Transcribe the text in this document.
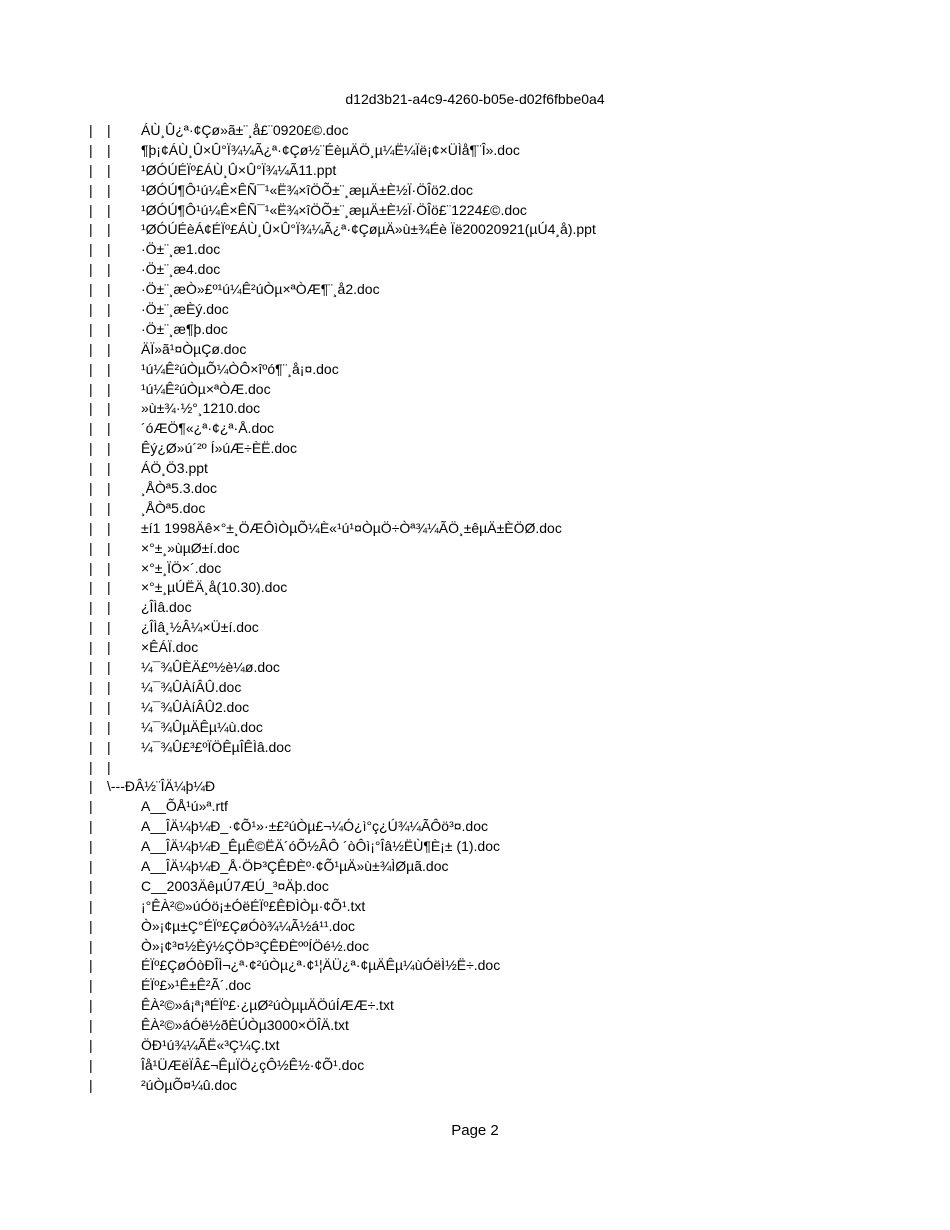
d12d3b21-a4c9-4260-b05e-d02f6fbbe0a4
| | ÁÙ¸Û¿ª·¢Çø»ã±¨¸å£¨0920£©.doc
| | ¶þ¡¢ÁÙ¸Û×Û°Ï¾¼Ã¿ª·¢Çø½¨ÉèµÄÖ¸µ¼Ë¼Ïë¡¢×ÜÌå¶¨Î».doc
| | ¹ØÓÚÉÏº£ÁÙ¸Û×Û°Ï¾¼Ã11.ppt
| | ¹ØÓÚ¶Ô¹ú¼Ê×ÊÑ¯¹«Ë¾×îÖÕ±¨¸æµÄ±È½Ï·ÖÎö2.doc
| | ¹ØÓÚ¶Ô¹ú¼Ê×ÊÑ¯¹«Ë¾×îÖÕ±¨¸æµÄ±È½Ï·ÖÎö£¨1224£©.doc
| | ¹ØÓÚÉèÁ¢ÉÏº£ÁÙ¸Û×Û°Ï¾¼Ã¿ª·¢ÇøµÄ»ù±¾Éè Ïë20020921(µÚ4¸å).ppt
| | ·Ö±¨¸æ1.doc
| | ·Ö±¨¸æ4.doc
| | ·Ö±¨¸æÒ»£º¹ú¼Ê²úÒµ×ªÒÆ¶¨¸å2.doc
| | ·Ö±¨¸æÈý.doc
| | ·Ö±¨¸æ¶þ.doc
| | ÄÏ»ã¹¤ÒµÇø.doc
| | ¹ú¼Ê²úÒµÕ¼ÒÔ×îºó¶¨¸å¡¤.doc
| | ¹ú¼Ê²úÒµ×ªÒÆ.doc
| | »ù±¾·½°¸1210.doc
| | ´óÆÖ¶«¿ª·¢¿ª·Å.doc
| | Êý¿Ø»ú´²º Í»úÆ÷ÈË.doc
| | ÁÖ¸Ö3.ppt
| | ¸ÅÒª5.3.doc
| | ¸ÅÒª5.doc
| | ±í1 1998Äê×°±¸ÖÆÔìÒµÕ¼È«¹ú¹¤ÒµÖ÷Òª¾¼ÃÖ¸±êµÄ±ÈÖØ.doc
| | ×°±¸»ùµØ±í.doc
| | ×°±¸ÏÖ×´.doc
| | ×°±¸µÚËÄ¸å(10.30).doc
| | ¿ÎÌâ.doc
| | ¿ÎÌâ¸½Â¼×Ü±í.doc
| | ×ÊÁÏ.doc
| | ¼¯¾ÛÈÄ£º½è¼ø.doc
| | ¼¯¾ÛÀíÂÛ.doc
| | ¼¯¾ÛÀíÂÛ2.doc
| | ¼¯¾ÛµÄÊµ¼ù.doc
| | ¼¯¾Û£³£ºÏÖÊµÎÊÌâ.doc
| |
| \---ÐÂ½¨ÎÄ¼þ¼Ð
|	A__ÕÅ¹ú»ª.rtf
|	A__ÎÄ¼þ¼Ð_·¢Õ¹»·±£²úÒµ£¬¼Ó¿ì°ç¿Ú¾¼ÃÔö³¤.doc
|	A__ÎÄ¼þ¼Ð_ÊµÊ©ËÄ´óÕ½ÂÔ ´òÔì¡°Îâ½ËÙ¶È¡± (1).doc
|	A__ÎÄ¼þ¼Ð_Å·ÖÞ³ÇÊÐÈº·¢Õ¹µÄ»ù±¾ÌØµã.doc
|	C__2003ÄêµÚ7ÆÚ_³¤Äþ.doc
|	¡°ÊÀ²©»úÓö¡±ÓëÉÏº£ÊÐÌÒµ·¢Õ¹.txt
|	Ò»¡¢µ±Ç°ÉÏº£ÇøÓò¾¼Ã½á¹¹.doc
|	Ò»¡¢³¤½Èý½ÇÖÞ³ÇÊÐÈººÍÖé½.doc
|	ÉÏº£ÇøÓòÐÎÌ¬¿ª·¢²úÒµ¿ª·¢¹¦ÄÜ¿ª·¢µÄÊµ¼ùÓëÌ½Ë÷.doc
|	ÉÏº£»¹Ê±Ê²Ã´.doc
|	ÊÀ²©»á¡ª¡ªÉÏº£·¿µØ²úÒµµÄÖúÍÆÆ÷.txt
|	ÊÀ²©»áÓë½ðÈÚÒµ3000×ÖÎÄ.txt
|	ÖÐ¹ú¾¼ÃË«³Ç¼Ç.txt
|	Îå¹ÜÆëÏÂ£¬ÊµÏÖ¿çÔ½Ê½·¢Õ¹.doc
|	²úÒµÕ¤¼û.doc
Page 2
